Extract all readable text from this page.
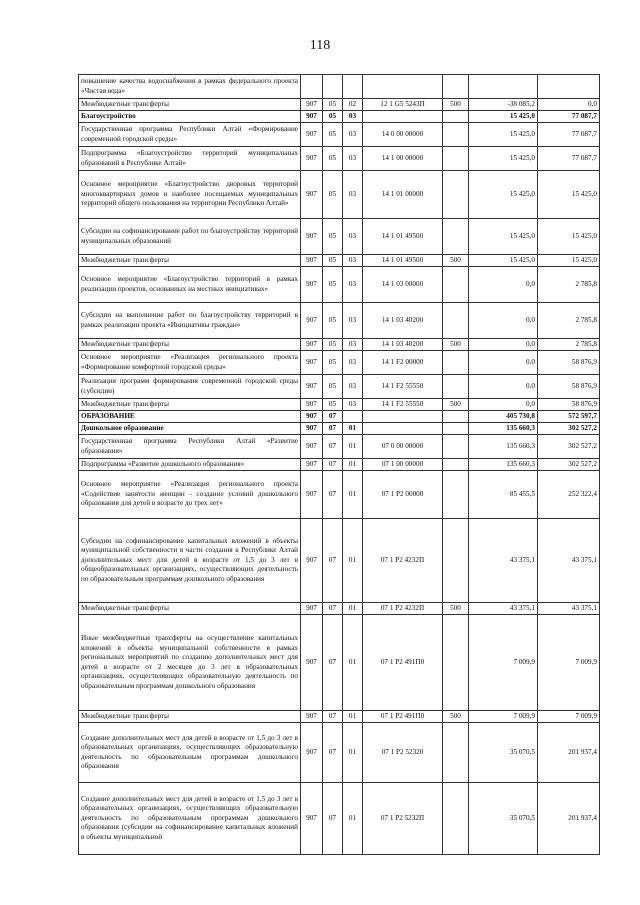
118
повышение качества водоснабжения в рамках федерального проекта «Чистая вода»							
Межбюджетные трансферты	907	05	02	12 1 G5 5243П	500	-38 085,2	0,0
Благоустройство	907	05	03			15 425,0	77 087,7
Государственная программа Республики Алтай «Формирование современной городской среды»	907	05	03	14 0 00 00000		15 425,0	77 087,7
Подпрограмма «Благоустройство территорий муниципальных образований в Республике Алтай»	907	05	03	14 1 00 00000		15 425,0	77 087,7
Основное мероприятие «Благоустройство дворовых территорий многоквартирных домов и наиболее посещаемых муниципальных территорий общего пользования на территории Республики Алтай»	907	05	03	14 1 01 00000		15 425,0	15 425,0
Субсидии на софинансирование работ по благоустройству территорий муниципальных образований	907	05	03	14 1 01 49500		15 425,0	15 425,0
Межбюджетные трансферты	907	05	03	14 1 01 49500	500	15 425,0	15 425,0
Основное мероприятие «Благоустройство территорий в рамках реализации проектов, основанных на местных инициативах»	907	05	03	14 1 03 00000		0,0	2 785,8
Субсидии на выполнение работ по благоустройству территорий в рамках реализации проекта «Инициативы граждан»	907	05	03	14 1 03 40200		0,0	2 785,8
Межбюджетные трансферты	907	05	03	14 1 03 40200	500	0,0	2 785,8
Основное мероприятие «Реализация регионального проекта «Формирование комфортной городской среды»	907	05	03	14 1 F2 00000		0,0	58 876,9
Реализация программ формирования современной городской среды (субсидии)	907	05	03	14 1 F2 55550		0,0	58 876,9
Межбюджетные трансферты	907	05	03	14 1 F2 55550	500	0,0	58 876,9
ОБРАЗОВАНИЕ	907	07				405 730,8	572 597,7
Дошкольное образование	907	07	01			135 660,3	302 527,2
Государственная программа Республики Алтай «Развитие образования»	907	07	01	07 0 00 00000		135 660,3	302 527,2
Подпрограмма «Развитие дошкольного образования»	907	07	01	07 1 00 00000		135 660,3	302 527,2
Основное мероприятие «Реализация регионального проекта «Содействие занятости женщин - создание условий дошкольного образования для детей в возрасте до трех лет»	907	07	01	07 1 P2 00000		85 455,5	252 322,4
Субсидии на софинансирование капитальных вложений в объекты муниципальной собственности в части создания в Республике Алтай дополнительных мест для детей в возрасте от 1,5 до 3 лет в общеобразовательных организациях, осуществляющих деятельность по образовательным программам дошкольного образования	907	07	01	07 1 P2 4232П		43 375,1	43 375,1
Межбюджетные трансферты	907	07	01	07 1 P2 4232П	500	43 375,1	43 375,1
Иные межбюджетные трансферты на осуществление капитальных вложений в объекты муниципальной собственности в рамках региональных мероприятий по созданию дополнительных мест для детей в возрасте от 2 месяцев до 3 лет в образовательных организациях, осуществляющих образовательную деятельность по образовательным программам дошкольного образования	907	07	01	07 1 P2 491П0		7 009,9	7 009,9
Межбюджетные трансферты	907	07	01	07 1 P2 491П0	500	7 009,9	7 009,9
Создание дополнительных мест для детей в возрасте от 1,5 до 3 лет в образовательных организациях, осуществляющих образовательную деятельность по образовательным программам дошкольного образования	907	07	01	07 1 P2 52320		35 070,5	201 937,4
Создание дополнительных мест для детей в возрасте от 1,5 до 3 лет в образовательных организациях, осуществляющих образовательную деятельность по образовательным программам дошкольного образования (субсидии на софинансирование капитальных вложений в объекты муниципальной	907	07	01	07 1 P2 5232П		35 070,5	201 937,4
